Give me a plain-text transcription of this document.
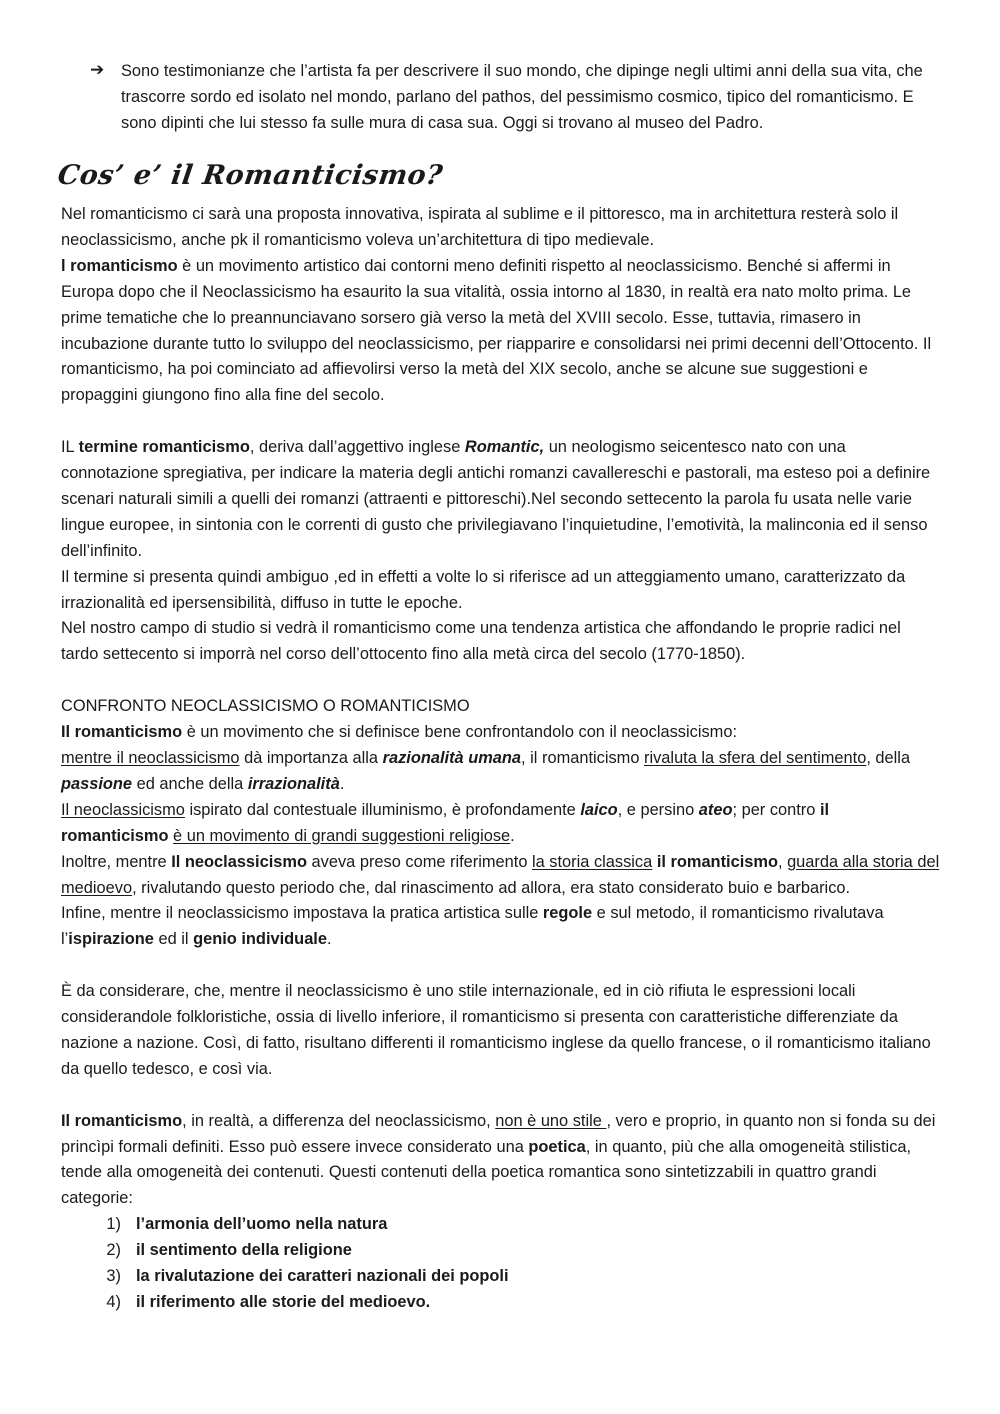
➔ Sono testimonianze che l’artista fa per descrivere il suo mondo, che dipinge negli ultimi anni della sua vita, che trascorre sordo ed isolato nel mondo, parlano del pathos, del pessimismo cosmico, tipico del romanticismo. E sono dipinti che lui stesso fa sulle mura di casa sua. Oggi si trovano al museo del Padro.

Cos’ e’ il Romanticismo?

Nel romanticismo ci sarà una proposta innovativa, ispirata al sublime e il pittoresco, ma in architettura resterà solo il neoclassicismo, anche pk il romanticismo voleva un’architettura di tipo medievale.

l romanticismo è un movimento artistico dai contorni meno definiti rispetto al neoclassicismo. Benché si affermi in Europa dopo che il Neoclassicismo ha esaurito la sua vitalità, ossia intorno al 1830, in realtà era nato molto prima. Le prime tematiche che lo preannunciavano sorsero già verso la metà del XVIII secolo. Esse, tuttavia, rimasero in incubazione durante tutto lo sviluppo del neoclassicismo, per riapparire e consolidarsi nei primi decenni dell’Ottocento. Il romanticismo, ha poi cominciato ad affievolirsi verso la metà del XIX secolo, anche se alcune sue suggestioni e propaggini giungono fino alla fine del secolo.

IL termine romanticismo, deriva dall’aggettivo inglese Romantic, un neologismo seicentesco nato con una connotazione spregiativa, per indicare la materia degli antichi romanzi cavallereschi e pastorali, ma esteso poi a definire scenari naturali simili a quelli dei romanzi (attraenti e pittoreschi).Nel secondo settecento la parola fu usata nelle varie lingue europee, in sintonia con le correnti di gusto che privilegiavano l’inquietudine, l’emotività, la malinconia ed il senso dell’infinito.

Il termine si presenta quindi ambiguo ,ed in effetti a volte lo si riferisce ad un atteggiamento umano, caratterizzato da irrazionalità ed ipersensibilità, diffuso in tutte le epoche.

Nel nostro campo di studio si vedrà il romanticismo come una tendenza artistica che affondando le proprie radici nel tardo settecento si imporrà nel corso dell’ottocento fino alla metà circa del secolo (1770-1850).

CONFRONTO NEOCLASSICISMO O ROMANTICISMO

Il romanticismo è un movimento che si definisce bene confrontandolo con il neoclassicismo:

mentre il neoclassicismo dà importanza alla razionalità umana, il romanticismo rivaluta la sfera del sentimento, della passione ed anche della irrazionalità.

Il neoclassicismo ispirato dal contestuale illuminismo, è profondamente laico, e persino ateo; per contro il romanticismo è un movimento di grandi suggestioni religiose.

Inoltre, mentre Il neoclassicismo aveva preso come riferimento la storia classica il romanticismo, guarda alla storia del medioevo, rivalutando questo periodo che, dal rinascimento ad allora, era stato considerato buio e barbarico.

Infine, mentre il neoclassicismo impostava la pratica artistica sulle regole e sul metodo, il romanticismo rivalutava l’ispirazione ed il genio individuale.

È da considerare, che, mentre il neoclassicismo è uno stile internazionale, ed in ciò rifiuta le espressioni locali considerandole folkloristiche, ossia di livello inferiore, il romanticismo si presenta con caratteristiche differenziate da nazione a nazione. Così, di fatto, risultano differenti il romanticismo inglese da quello francese, o il romanticismo italiano da quello tedesco, e così via.

Il romanticismo, in realtà, a differenza del neoclassicismo, non è uno stile , vero e proprio, in quanto non si fonda su dei princìpi formali definiti. Esso può essere invece considerato una poetica, in quanto, più che alla omogeneità stilistica, tende alla omogeneità dei contenuti. Questi contenuti della poetica romantica sono sintetizzabili in quattro grandi categorie:

1) l’armonia dell’uomo nella natura
2) il sentimento della religione
3) la rivalutazione dei caratteri nazionali dei popoli
4) il riferimento alle storie del medioevo.
